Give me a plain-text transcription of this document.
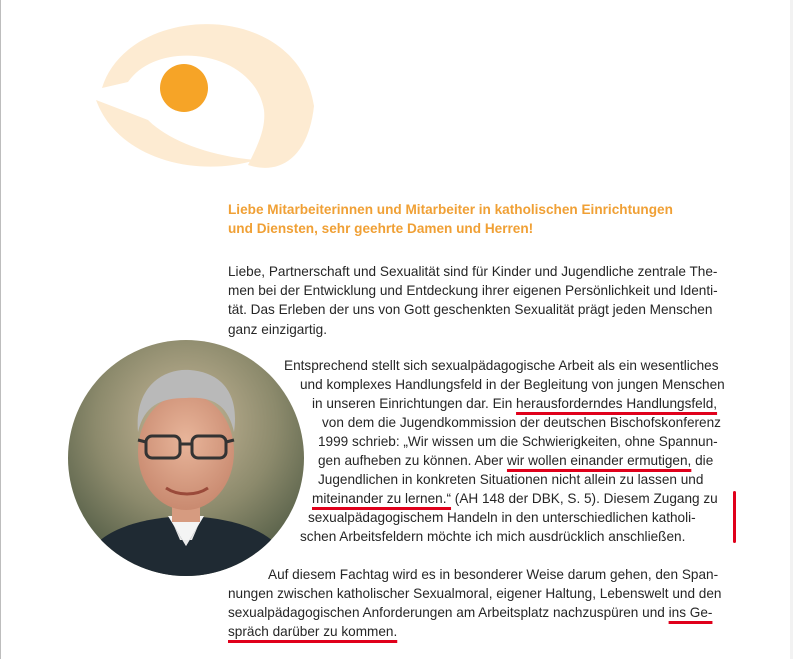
Liebe Mitarbeiterinnen und Mitarbeiter in katholischen Einrichtungen
und Diensten, sehr geehrte Damen und Herren!
Liebe, Partnerschaft und Sexualität sind für Kinder und Jugendliche zentrale The-
men bei der Entwicklung und Entdeckung ihrer eigenen Persönlichkeit und Identi-
tät. Das Erleben der uns von Gott geschenkten Sexualität prägt jeden Menschen
ganz einzigartig.
Entsprechend stellt sich sexualpädagogische Arbeit als ein wesentliches
und komplexes Handlungsfeld in der Begleitung von jungen Menschen
in unseren Einrichtungen dar. Ein herausforderndes Handlungsfeld,
von dem die Jugendkommission der deutschen Bischofskonferenz
1999 schrieb: „Wir wissen um die Schwierigkeiten, ohne Spannun-
gen aufheben zu können. Aber wir wollen einander ermutigen, die
Jugendlichen in konkreten Situationen nicht allein zu lassen und
miteinander zu lernen.“ (AH 148 der DBK, S. 5). Diesem Zugang zu
sexualpädagogischem Handeln in den unterschiedlichen katholi-
schen Arbeitsfeldern möchte ich mich ausdrücklich anschließen.
Auf diesem Fachtag wird es in besonderer Weise darum gehen, den Span-
nungen zwischen katholischer Sexualmoral, eigener Haltung, Lebenswelt und den
sexualpädagogischen Anforderungen am Arbeitsplatz nachzuspüren und ins Ge-
spräch darüber zu kommen.
